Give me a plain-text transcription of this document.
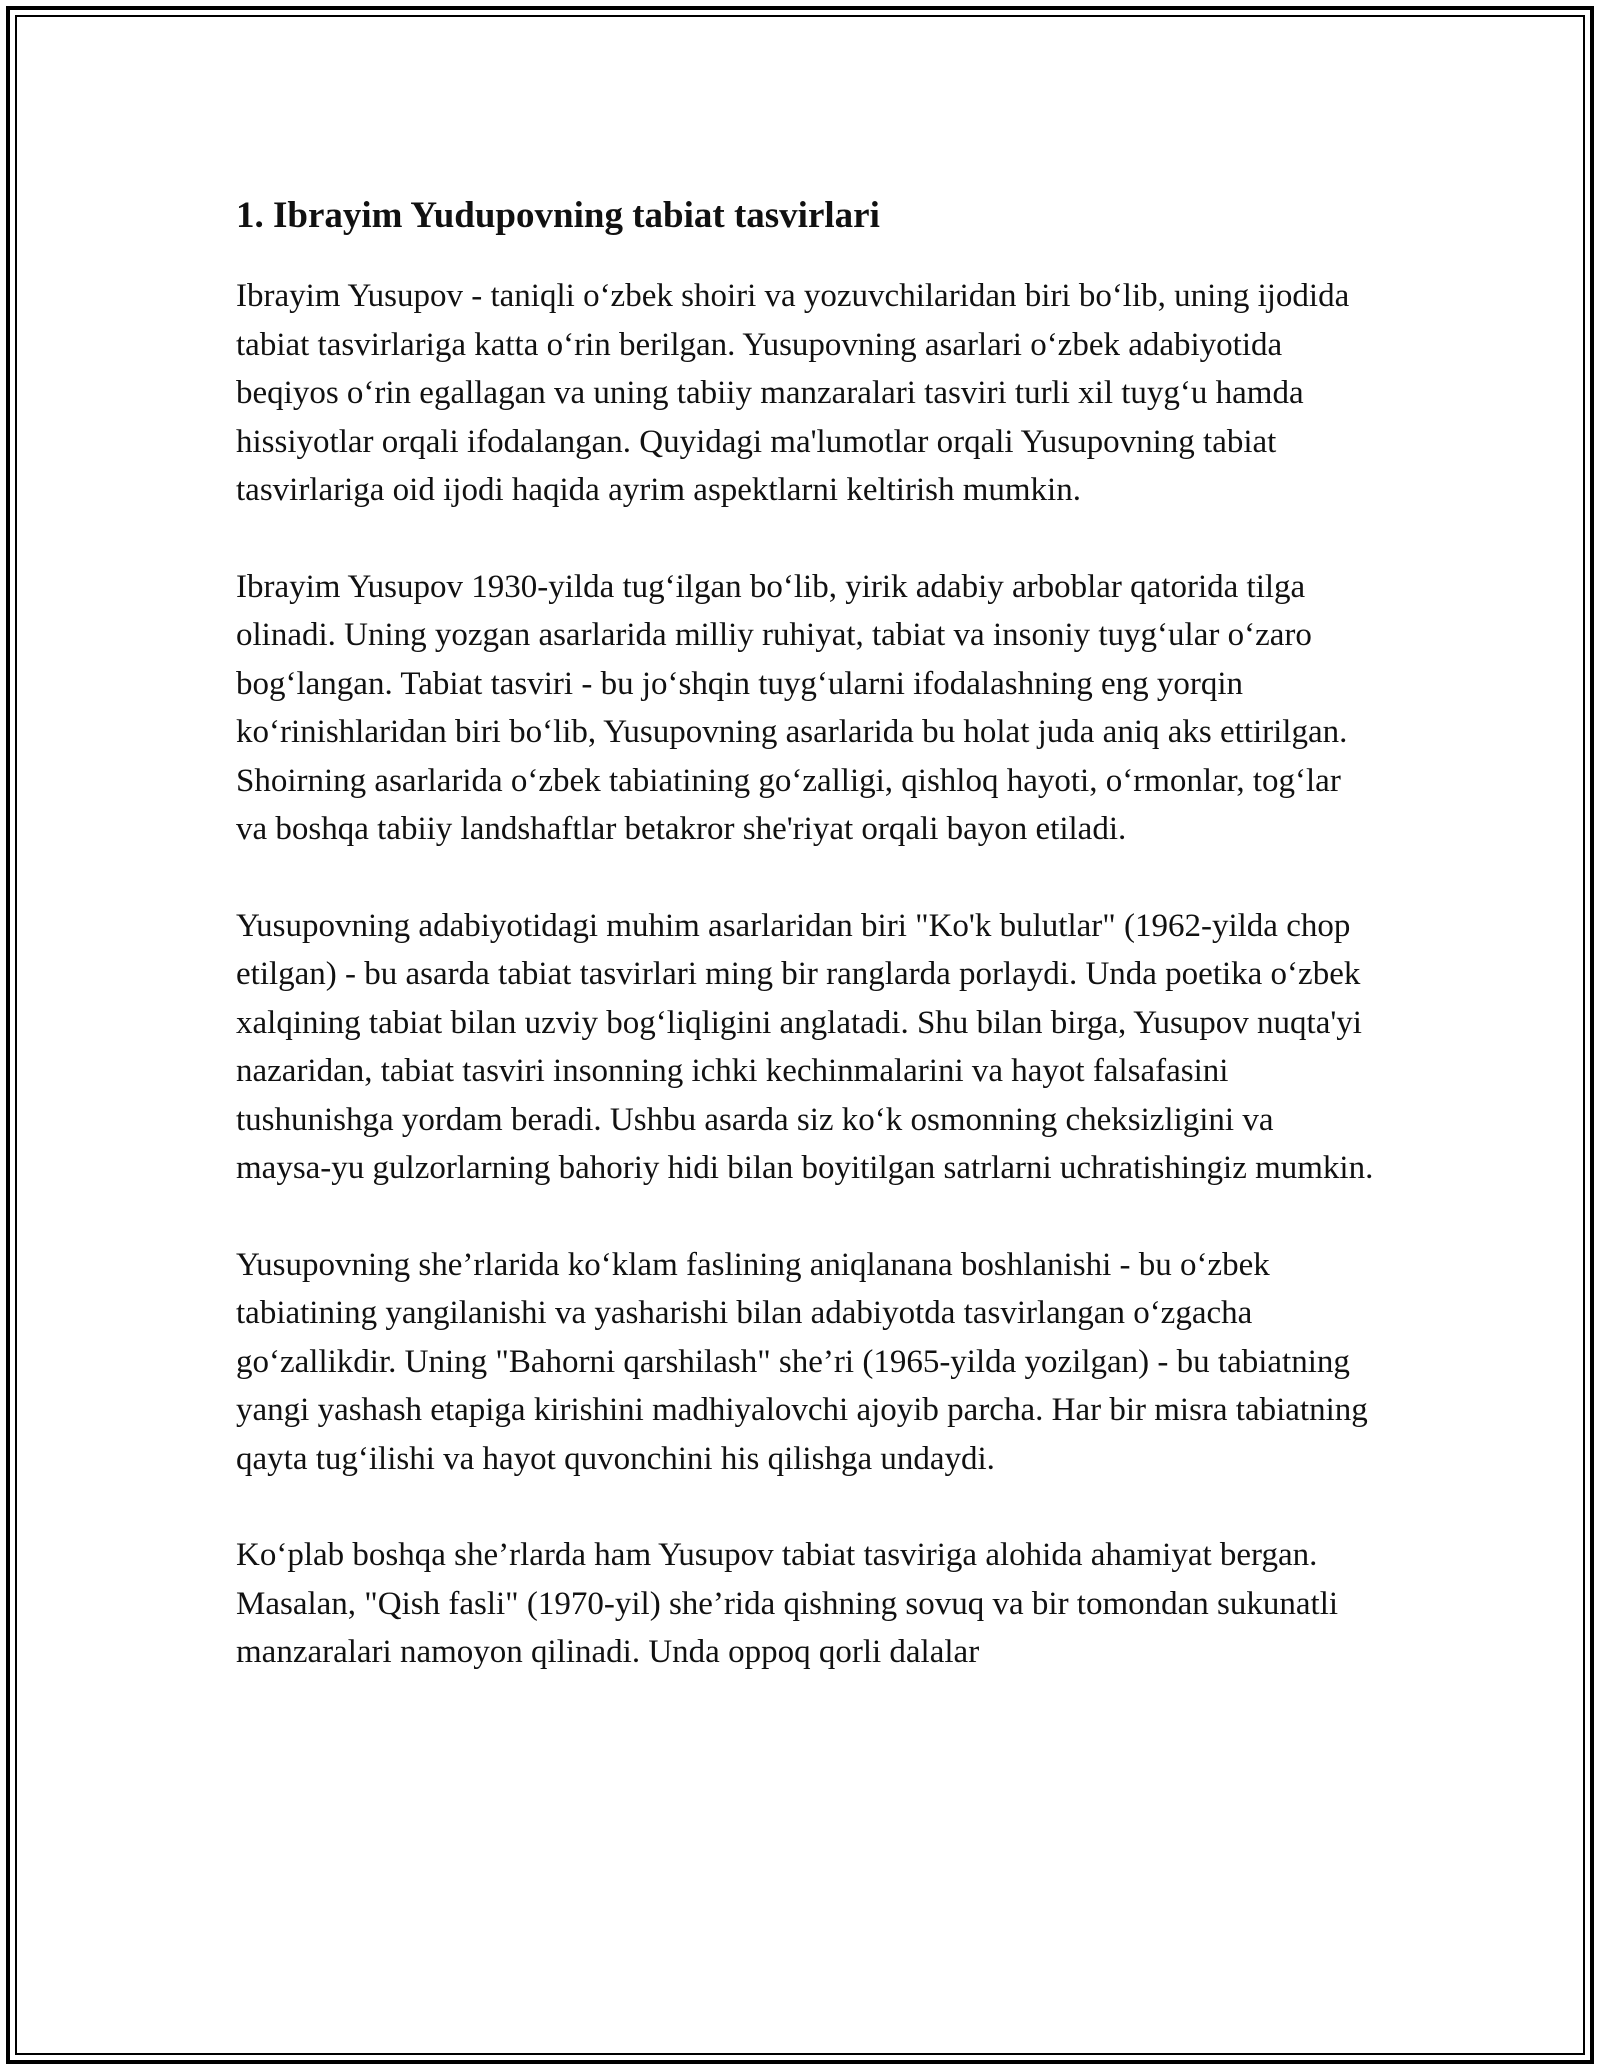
1. Ibrayim Yudupovning tabiat tasvirlari

Ibrayim Yusupov - taniqli o‘zbek shoiri va yozuvchilaridan biri bo‘lib, uning ijodida tabiat tasvirlariga katta o‘rin berilgan. Yusupovning asarlari o‘zbek adabiyotida beqiyos o‘rin egallagan va uning tabiiy manzaralari tasviri turli xil tuyg‘u hamda hissiyotlar orqali ifodalangan. Quyidagi ma'lumotlar orqali Yusupovning tabiat tasvirlariga oid ijodi haqida ayrim aspektlarni keltirish mumkin.

Ibrayim Yusupov 1930-yilda tug‘ilgan bo‘lib, yirik adabiy arboblar qatorida tilga olinadi. Uning yozgan asarlarida milliy ruhiyat, tabiat va insoniy tuyg‘ular o‘zaro bog‘langan. Tabiat tasviri - bu jo‘shqin tuyg‘ularni ifodalashning eng yorqin ko‘rinishlaridan biri bo‘lib, Yusupovning asarlarida bu holat juda aniq aks ettirilgan. Shoirning asarlarida o‘zbek tabiatining go‘zalligi, qishloq hayoti, o‘rmonlar, tog‘lar va boshqa tabiiy landshaftlar betakror she'riyat orqali bayon etiladi.

Yusupovning adabiyotidagi muhim asarlaridan biri "Ko'k bulutlar" (1962-yilda chop etilgan) - bu asarda tabiat tasvirlari ming bir ranglarda porlaydi. Unda poetika o‘zbek xalqining tabiat bilan uzviy bog‘liqligini anglatadi. Shu bilan birga, Yusupov nuqta'yi nazaridan, tabiat tasviri insonning ichki kechinmalarini va hayot falsafasini tushunishga yordam beradi. Ushbu asarda siz ko‘k osmonning cheksizligini va maysa-yu gulzorlarning bahoriy hidi bilan boyitilgan satrlarni uchratishingiz mumkin.

Yusupovning she’rlarida ko‘klam faslining aniqlanana boshlanishi - bu o‘zbek tabiatining yangilanishi va yasharishi bilan adabiyotda tasvirlangan o‘zgacha go‘zallikdir. Uning "Bahorni qarshilash" she’ri (1965-yilda yozilgan) - bu tabiatning yangi yashash etapiga kirishini madhiyalovchi ajoyib parcha. Har bir misra tabiatning qayta tug‘ilishi va hayot quvonchini his qilishga undaydi.

Ko‘plab boshqa she’rlarda ham Yusupov tabiat tasviriga alohida ahamiyat bergan. Masalan, "Qish fasli" (1970-yil) she’rida qishning sovuq va bir tomondan sukunatli manzaralari namoyon qilinadi. Unda oppoq qorli dalalar
